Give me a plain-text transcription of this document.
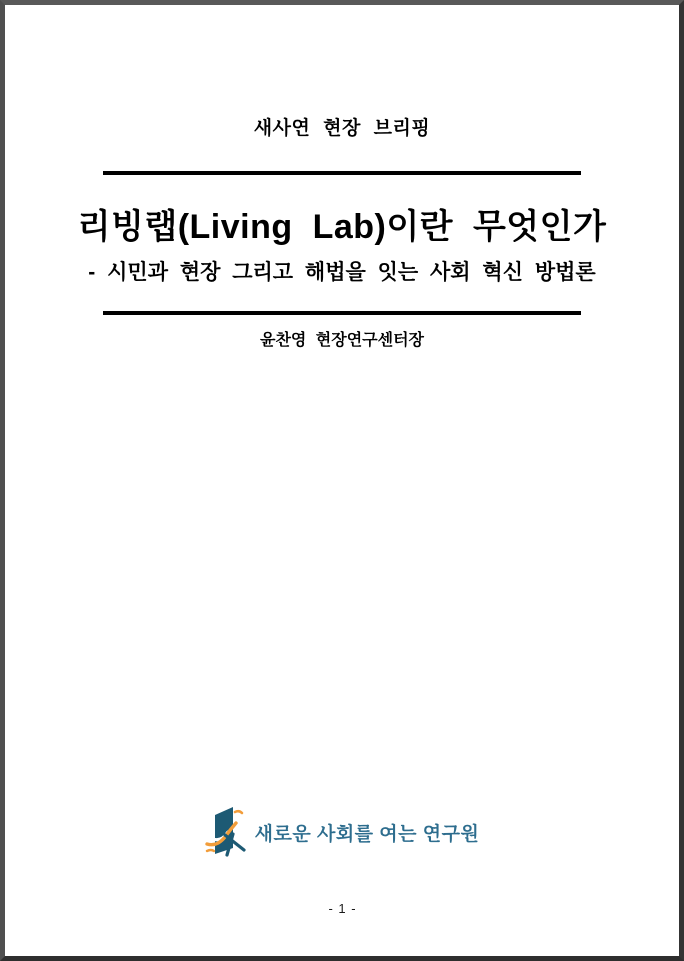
새사연 현장 브리핑
리빙랩(Living Lab)이란 무엇인가
- 시민과 현장 그리고 해법을 잇는 사회 혁신 방법론
윤찬영 현장연구센터장
새로운 사회를 여는 연구원
- 1 -
